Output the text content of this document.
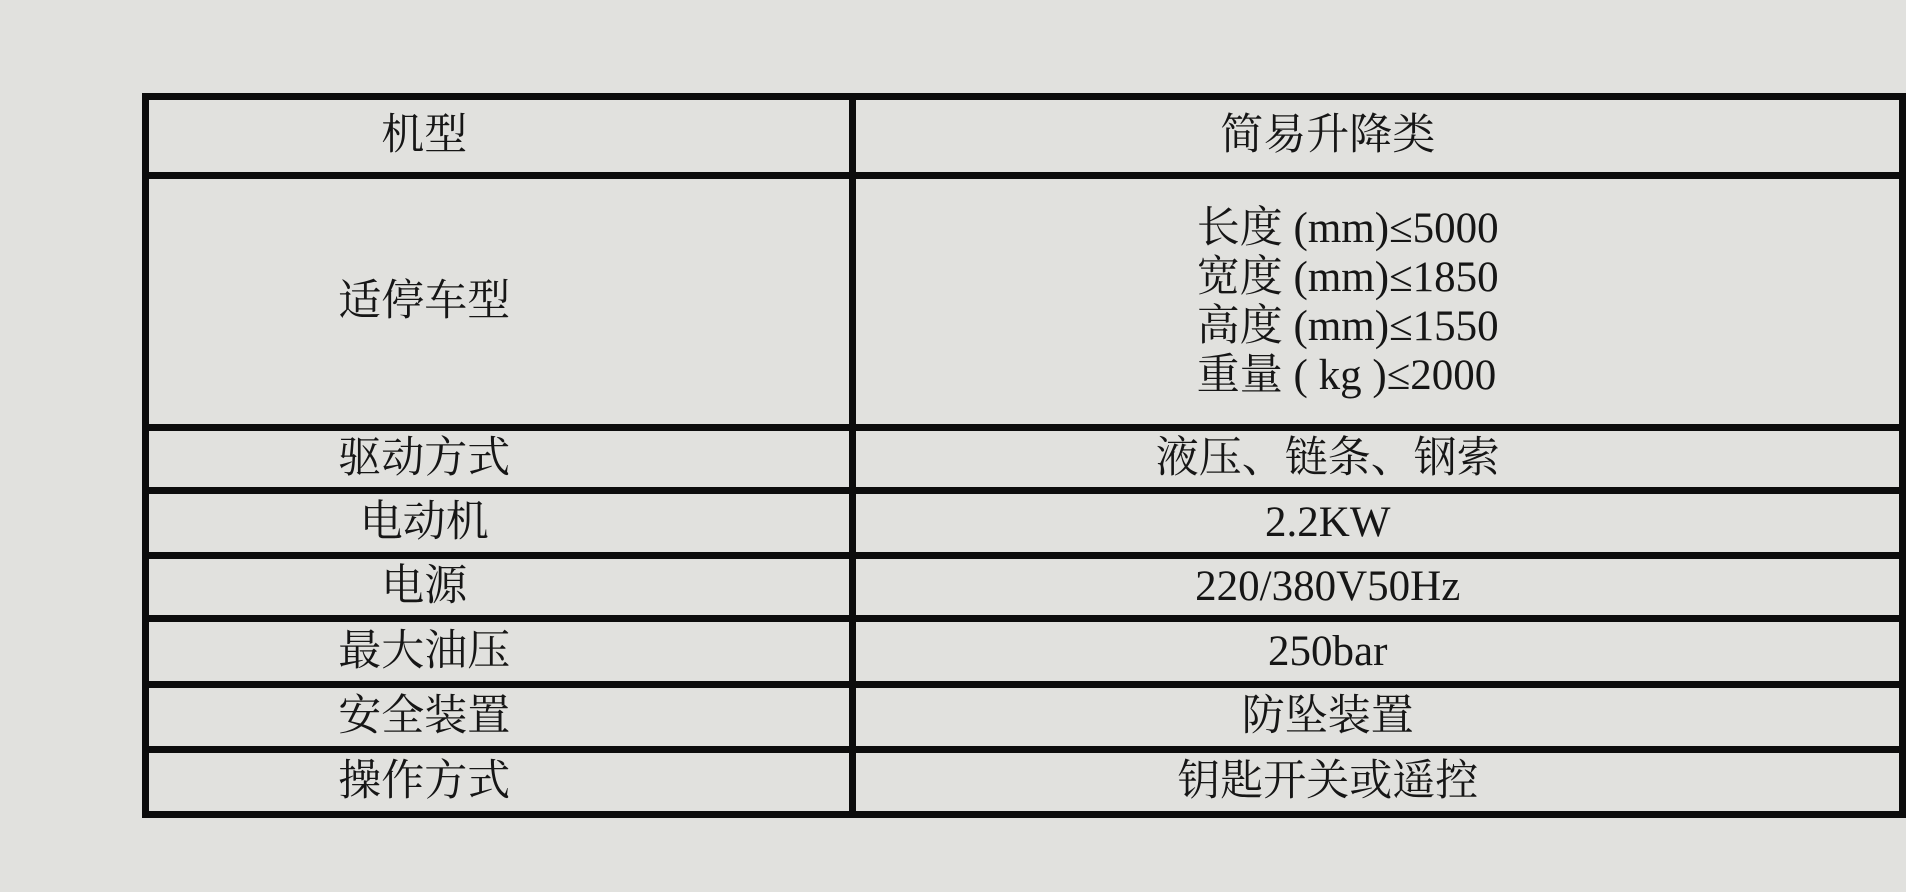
机型	简易升降类
适停车型	长度 (mm)≤5000
宽度 (mm)≤1850
高度 (mm)≤1550
重量 ( kg )≤2000

驱动方式	液压、链条、钢索
电动机	2.2KW
电源	220/380V50Hz
最大油压	250bar
安全装置	防坠装置
操作方式	钥匙开关或遥控
